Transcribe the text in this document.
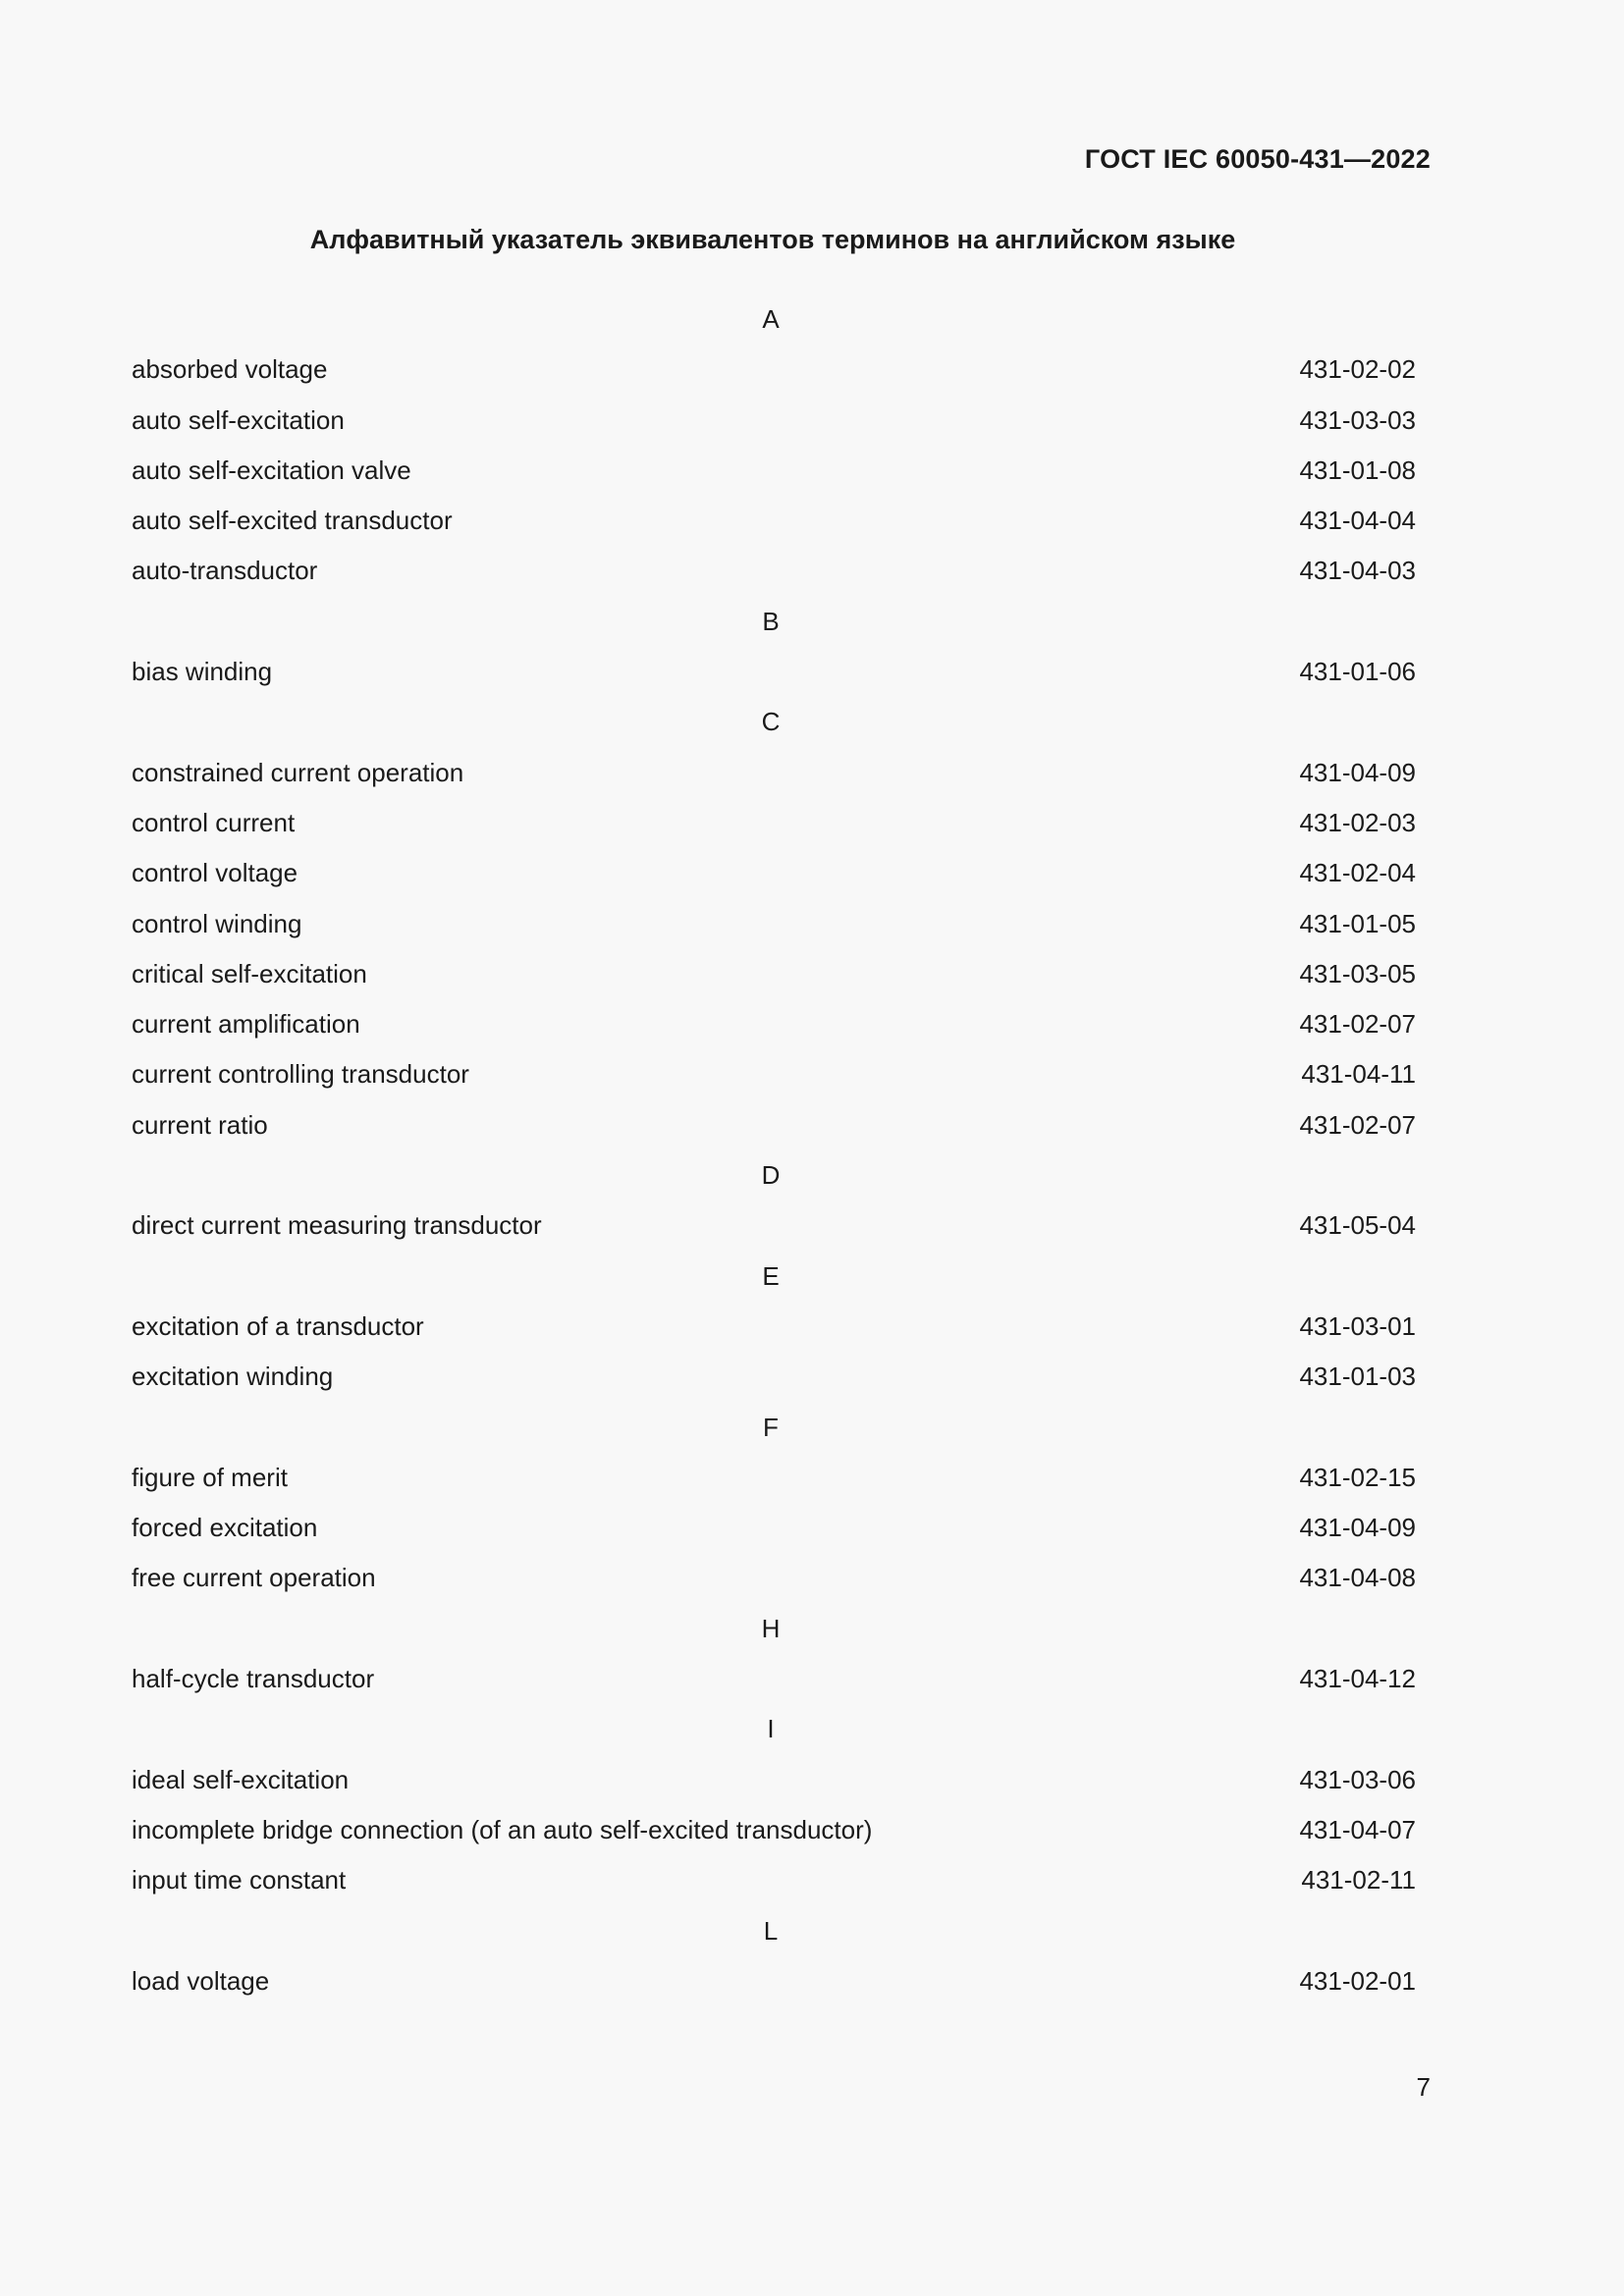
ГОСТ IEC 60050-431—2022
Алфавитный указатель эквивалентов терминов на английском языке
A
absorbed voltage	431-02-02
auto self-excitation	431-03-03
auto self-excitation valve	431-01-08
auto self-excited transductor	431-04-04
auto-transductor	431-04-03
B
bias winding	431-01-06
C
constrained current operation	431-04-09
control current	431-02-03
control voltage	431-02-04
control winding	431-01-05
critical self-excitation	431-03-05
current amplification	431-02-07
current controlling transductor	431-04-11
current ratio	431-02-07
D
direct current measuring transductor	431-05-04
E
excitation of a transductor	431-03-01
excitation winding	431-01-03
F
figure of merit	431-02-15
forced excitation	431-04-09
free current operation	431-04-08
H
half-cycle transductor	431-04-12
I
ideal self-excitation	431-03-06
incomplete bridge connection (of an auto self-excited transductor)	431-04-07
input time constant	431-02-11
L
load voltage	431-02-01
7
